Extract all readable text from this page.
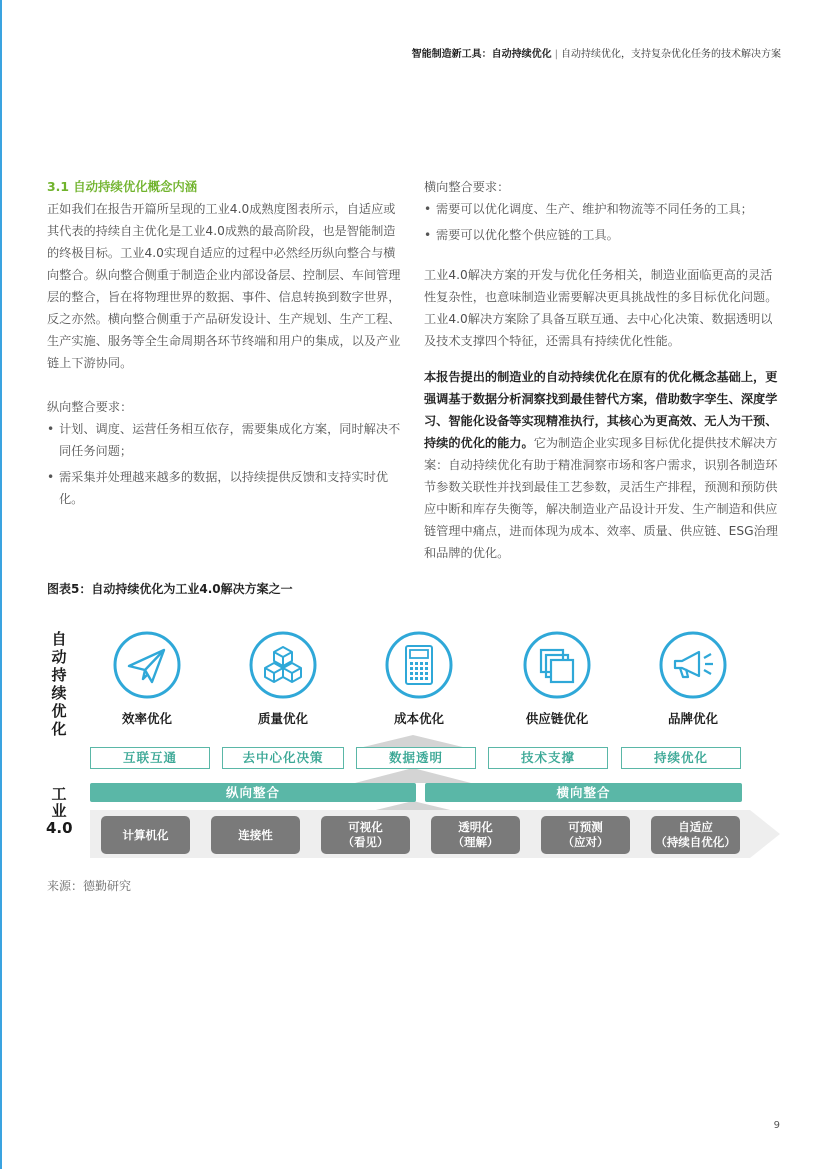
智能制造新工具：自动持续优化 | 自动持续优化，支持复杂优化任务的技术解决方案
3.1 自动持续优化概念内涵

正如我们在报告开篇所呈现的工业4.0成熟度图表所示，自适应或其代表的持续自主优化是工业4.0成熟的最高阶段，也是智能制造的终极目标。工业4.0实现自适应的过程中必然经历纵向整合与横向整合。纵向整合侧重于制造企业内部设备层、控制层、车间管理层的整合，旨在将物理世界的数据、事件、信息转换到数字世界，反之亦然。横向整合侧重于产品研发设计、生产规划、生产工程、生产实施、服务等全生命周期各环节终端和用户的集成，以及产业链上下游协同。

纵向整合要求：

• 计划、调度、运营任务相互依存，需要集成化方案，同时解决不同任务问题；
• 需采集并处理越来越多的数据，以持续提供反馈和支持实时优化。

横向整合要求：

• 需要可以优化调度、生产、维护和物流等不同任务的工具；
• 需要可以优化整个供应链的工具。

工业4.0解决方案的开发与优化任务相关，制造业面临更高的灵活性复杂性，也意味制造业需要解决更具挑战性的多目标优化问题。工业4.0解决方案除了具备互联互通、去中心化决策、数据透明以及技术支撑四个特征，还需具有持续优化性能。

本报告提出的制造业的自动持续优化在原有的优化概念基础上，更强调基于数据分析洞察找到最佳替代方案，借助数字孪生、深度学习、智能化设备等实现精准执行，其核心为更高效、无人为干预、持续的优化的能力。它为制造企业实现多目标优化提供技术解决方案：自动持续优化有助于精准洞察市场和客户需求，识别各制造环节参数关联性并找到最佳工艺参数，灵活生产排程，预测和预防供应中断和库存失衡等，解决制造业产品设计开发、生产制造和供应链管理中痛点，进而体现为成本、效率、质量、供应链、ESG治理和品牌的优化。

图表5：自动持续优化为工业4.0解决方案之一
自动持续优化
工业
4.0
效率优化	质量优化	成本优化	供应链优化	品牌优化
互联互通	去中心化决策	数据透明	技术支撑	持续优化
纵向整合	横向整合
计算机化	连接性
可视化
（看见）
透明化
（理解）
可预测
（应对）
自适应
（持续自优化）
来源：德勤研究
9
